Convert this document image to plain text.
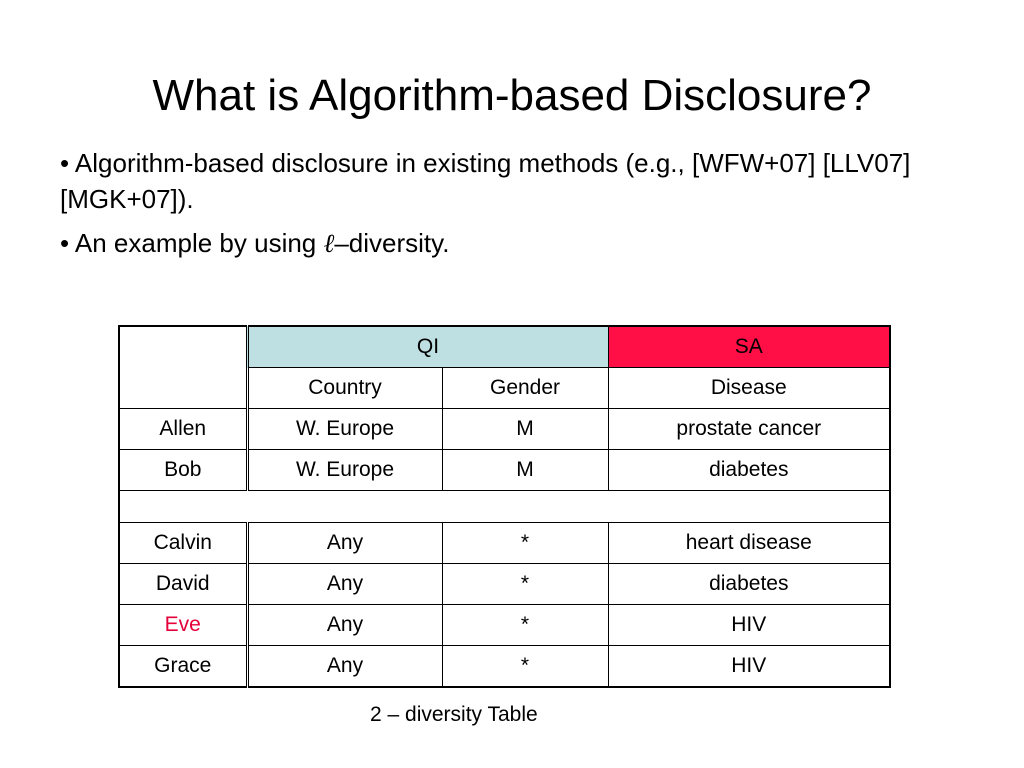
What is Algorithm-based Disclosure?

• Algorithm-based disclosure in existing methods (e.g., [WFW+07] [LLV07] [MGK+07]).

• An example by using ℓ–diversity.

	QI		SA
	Country	Gender	Disease
Allen	W. Europe	M	prostate cancer
Bob	W. Europe	M	diabetes

Calvin	Any	*	heart disease
David	Any	*	diabetes
Eve	Any	*	HIV
Grace	Any	*	HIV
2 – diversity Table
